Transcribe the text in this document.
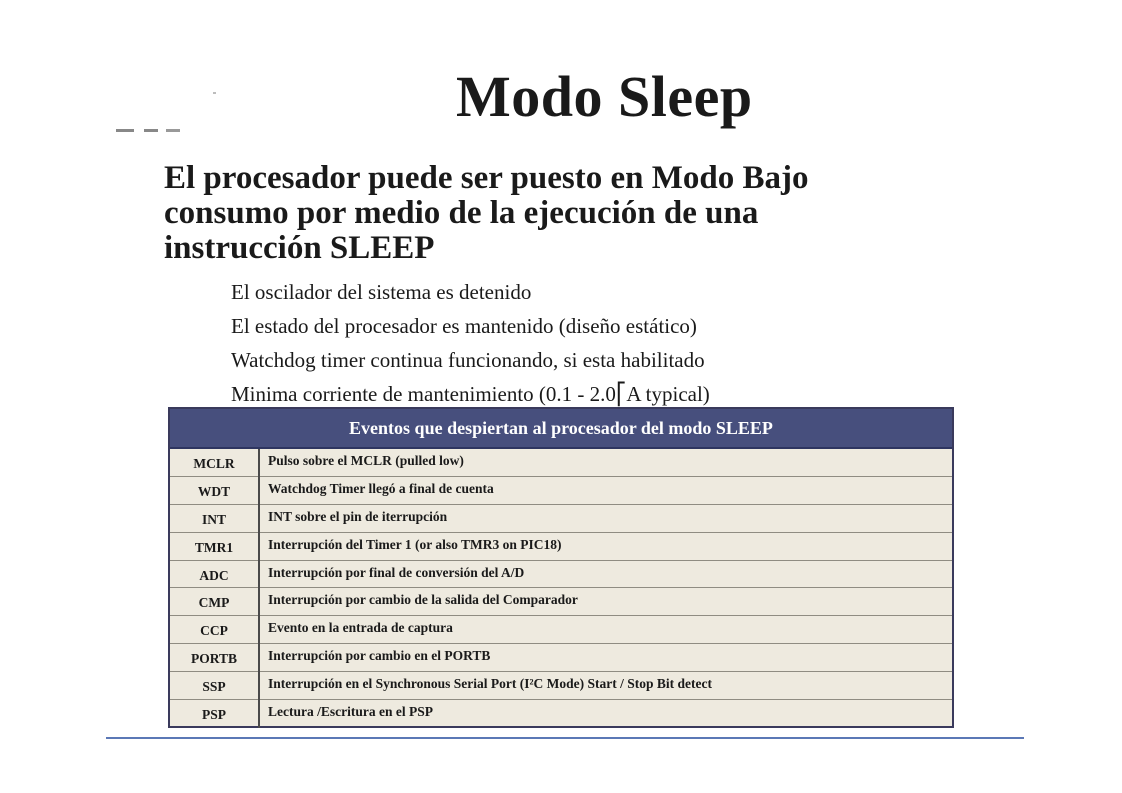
Modo Sleep

El procesador puede ser puesto en Modo Bajo consumo por medio de la ejecución de una instrucción SLEEP

El oscilador del sistema es detenido
El estado del procesador es mantenido (diseño estático)
Watchdog timer continua funcionando, si esta habilitado
Minima corriente de mantenimiento (0.1 - 2.0⎡A typical)
Eventos que despiertan al procesador del modo SLEEP
MCLR	Pulso sobre el MCLR (pulled low)
WDT	Watchdog Timer llegó a final de cuenta
INT	INT sobre el pin de iterrupción
TMR1	Interrupción del Timer 1 (or also TMR3 on PIC18)
ADC	Interrupción por final de conversión del A/D
CMP	Interrupción por cambio de la salida del Comparador
CCP	Evento en la entrada de captura
PORTB	Interrupción por cambio en el PORTB
SSP	Interrupción en el Synchronous Serial Port (I²C Mode) Start / Stop Bit detect
PSP	Lectura /Escritura en el PSP
